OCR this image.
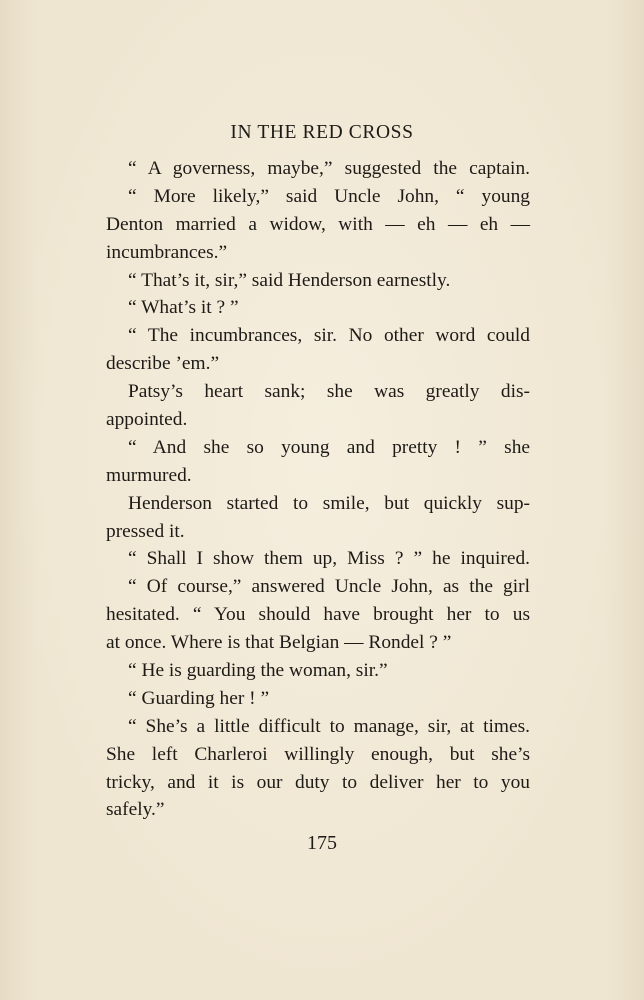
IN THE RED CROSS
“ A governess, maybe,” suggested the captain.
“ More likely,” said Uncle John, “ young
Denton married a widow, with — eh — eh —
incumbrances.”
“ That’s it, sir,” said Henderson earnestly.
“ What’s it ? ”
“ The incumbrances, sir. No other word could
describe ’em.”
Patsy’s heart sank; she was greatly dis-
appointed.
“ And she so young and pretty ! ” she
murmured.
Henderson started to smile, but quickly sup-
pressed it.
“ Shall I show them up, Miss ? ” he inquired.
“ Of course,” answered Uncle John, as the girl
hesitated. “ You should have brought her to us
at once. Where is that Belgian — Rondel ? ”
“ He is guarding the woman, sir.”
“ Guarding her ! ”
“ She’s a little difficult to manage, sir, at times.
She left Charleroi willingly enough, but she’s
tricky, and it is our duty to deliver her to you
safely.”
175
